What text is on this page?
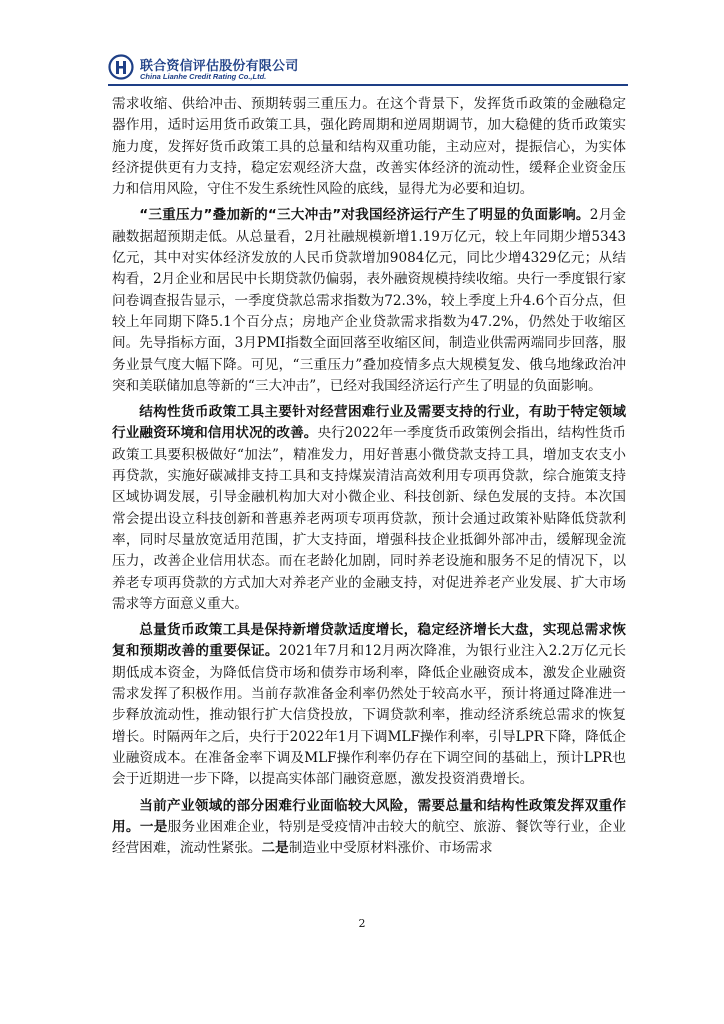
联合资信评估股份有限公司
China Lianhe Credit Rating Co.,Ltd.

需求收缩、供给冲击、预期转弱三重压力。在这个背景下，发挥货币政策的金融稳定器作用，适时运用货币政策工具，强化跨周期和逆周期调节，加大稳健的货币政策实施力度，发挥好货币政策工具的总量和结构双重功能，主动应对，提振信心，为实体经济提供更有力支持，稳定宏观经济大盘，改善实体经济的流动性，缓释企业资金压力和信用风险，守住不发生系统性风险的底线，显得尤为必要和迫切。

“三重压力”叠加新的“三大冲击”对我国经济运行产生了明显的负面影响。2月金融数据超预期走低。从总量看，2月社融规模新增1.19万亿元，较上年同期少增5343亿元，其中对实体经济发放的人民币贷款增加9084亿元，同比少增4329亿元；从结构看，2月企业和居民中长期贷款仍偏弱，表外融资规模持续收缩。央行一季度银行家问卷调查报告显示，一季度贷款总需求指数为72.3%，较上季度上升4.6个百分点，但较上年同期下降5.1个百分点；房地产企业贷款需求指数为47.2%，仍然处于收缩区间。先导指标方面，3月PMI指数全面回落至收缩区间，制造业供需两端同步回落，服务业景气度大幅下降。可见，“三重压力”叠加疫情多点大规模复发、俄乌地缘政治冲突和美联储加息等新的“三大冲击”，已经对我国经济运行产生了明显的负面影响。

结构性货币政策工具主要针对经营困难行业及需要支持的行业，有助于特定领域行业融资环境和信用状况的改善。央行2022年一季度货币政策例会指出，结构性货币政策工具要积极做好“加法”，精准发力，用好普惠小微贷款支持工具，增加支农支小再贷款，实施好碳减排支持工具和支持煤炭清洁高效利用专项再贷款，综合施策支持区域协调发展，引导金融机构加大对小微企业、科技创新、绿色发展的支持。本次国常会提出设立科技创新和普惠养老两项专项再贷款，预计会通过政策补贴降低贷款利率，同时尽量放宽适用范围，扩大支持面，增强科技企业抵御外部冲击，缓解现金流压力，改善企业信用状态。而在老龄化加剧，同时养老设施和服务不足的情况下，以养老专项再贷款的方式加大对养老产业的金融支持，对促进养老产业发展、扩大市场需求等方面意义重大。

总量货币政策工具是保持新增贷款适度增长，稳定经济增长大盘，实现总需求恢复和预期改善的重要保证。2021年7月和12月两次降准，为银行业注入2.2万亿元长期低成本资金，为降低信贷市场和债券市场利率，降低企业融资成本，激发企业融资需求发挥了积极作用。当前存款准备金利率仍然处于较高水平，预计将通过降准进一步释放流动性，推动银行扩大信贷投放，下调贷款利率，推动经济系统总需求的恢复增长。时隔两年之后，央行于2022年1月下调MLF操作利率，引导LPR下降，降低企业融资成本。在准备金率下调及MLF操作利率仍存在下调空间的基础上，预计LPR也会于近期进一步下降，以提高实体部门融资意愿，激发投资消费增长。

当前产业领域的部分困难行业面临较大风险，需要总量和结构性政策发挥双重作用。一是服务业困难企业，特别是受疫情冲击较大的航空、旅游、餐饮等行业，企业经营困难，流动性紧张。二是制造业中受原材料涨价、市场需求

2
